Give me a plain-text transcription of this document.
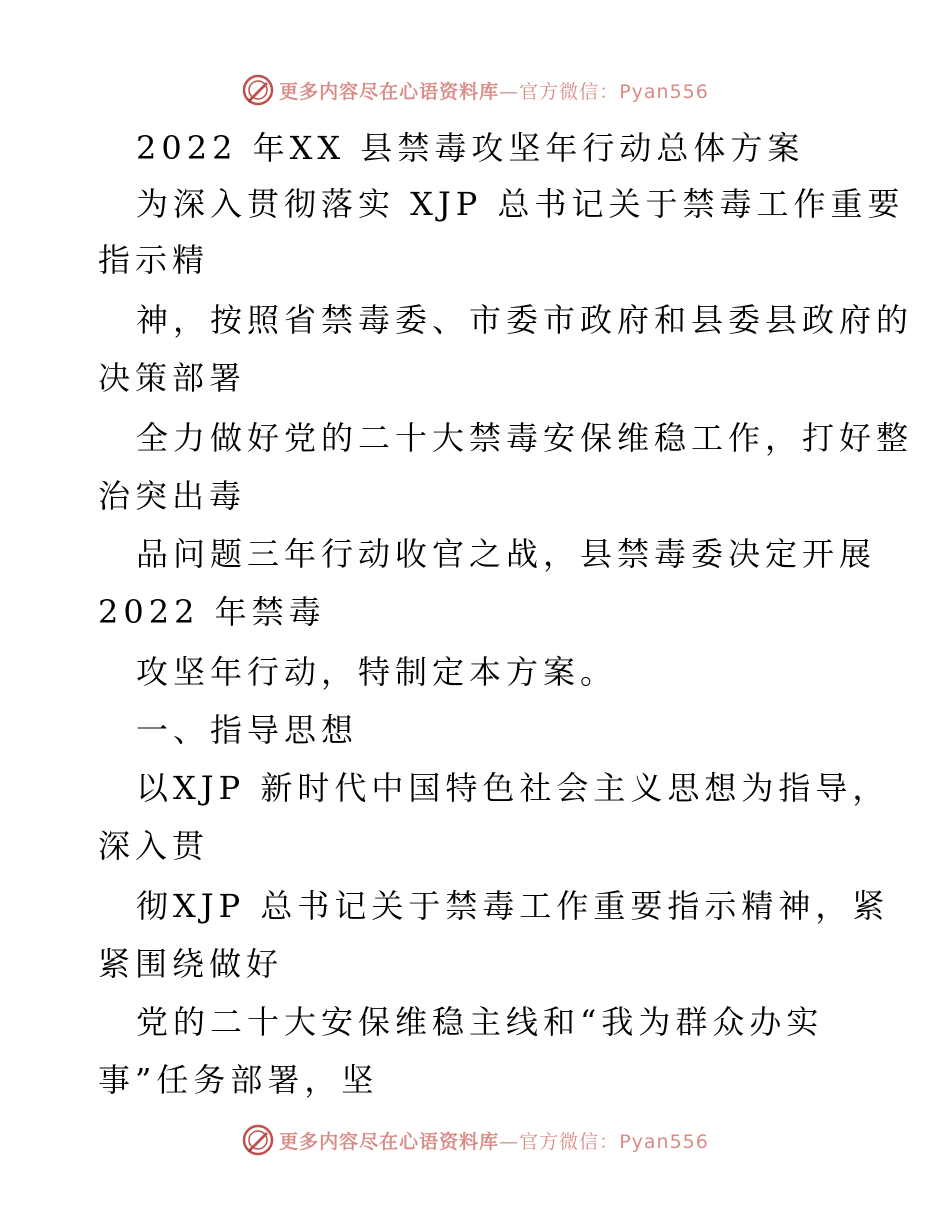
更多内容尽在心语资料库—官方微信：Pyan556
2022 年XX 县禁毒攻坚年行动总体方案
为深入贯彻落实 XJP 总书记关于禁毒工作重要
指示精
神，按照省禁毒委、市委市政府和县委县政府的
决策部署
全力做好党的二十大禁毒安保维稳工作，打好整
治突出毒
品问题三年行动收官之战，县禁毒委决定开展
2022 年禁毒
攻坚年行动，特制定本方案。
一、指导思想
以XJP 新时代中国特色社会主义思想为指导，
深入贯
彻XJP 总书记关于禁毒工作重要指示精神，紧
紧围绕做好
党的二十大安保维稳主线和“我为群众办实
事”任务部署，坚
更多内容尽在心语资料库—官方微信：Pyan556
